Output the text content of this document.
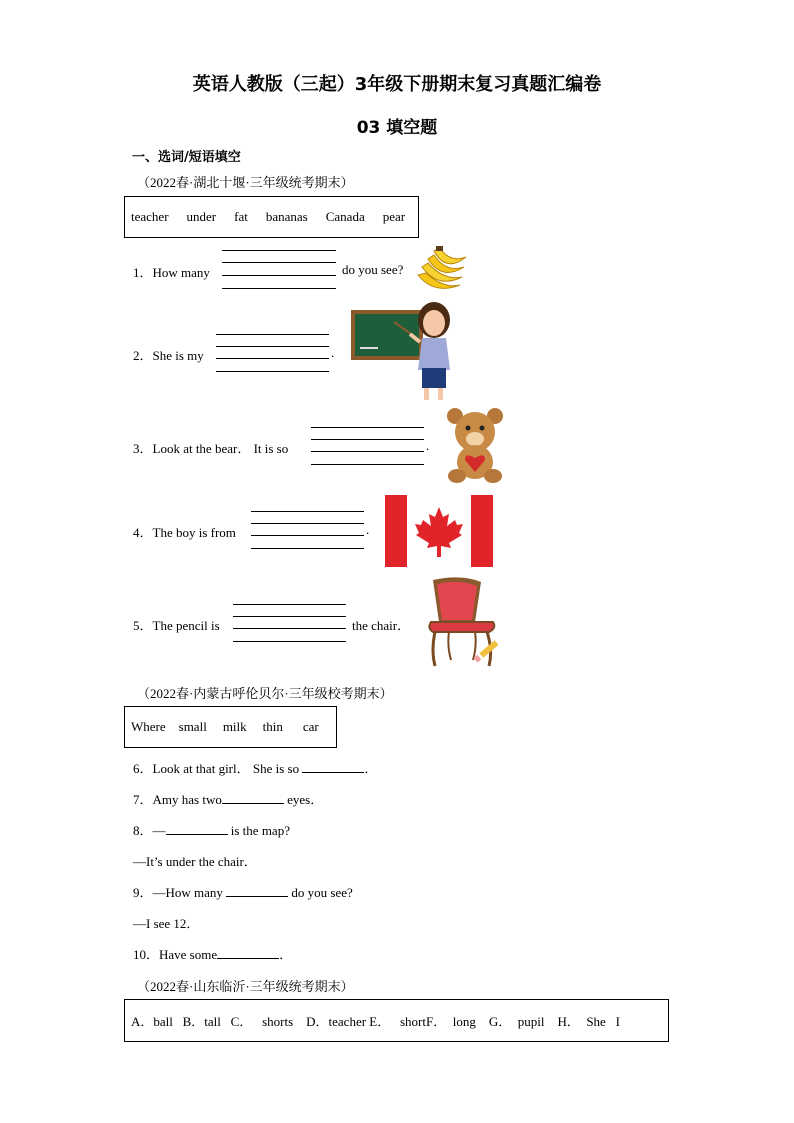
英语人教版（三起）3年级下册期末复习真题汇编卷
03 填空题
一、选词/短语填空
（2022春·湖北十堰·三年级统考期末）
teacher under fat bananas Canada pear
1．How many	do you see?
2．She is my	.
3．Look at the bear． It is so	.
4．The boy is from	.
5．The pencil is	the chair．
（2022春·内蒙古呼伦贝尔·三年级校考期末）
Where small milk thin car
6．Look at that girl． She is so	．
7．Amy has two	eyes．
8．—	is the map?
—It’s under the chair．
9．—How many	do you see?
—I see 12．
10．Have some	．
（2022春·山东临沂·三年级统考期末）
A．ball   B．tall   C．   shorts    D．teacher E．   shortF．  long    G．  pupil    H．  She   I
